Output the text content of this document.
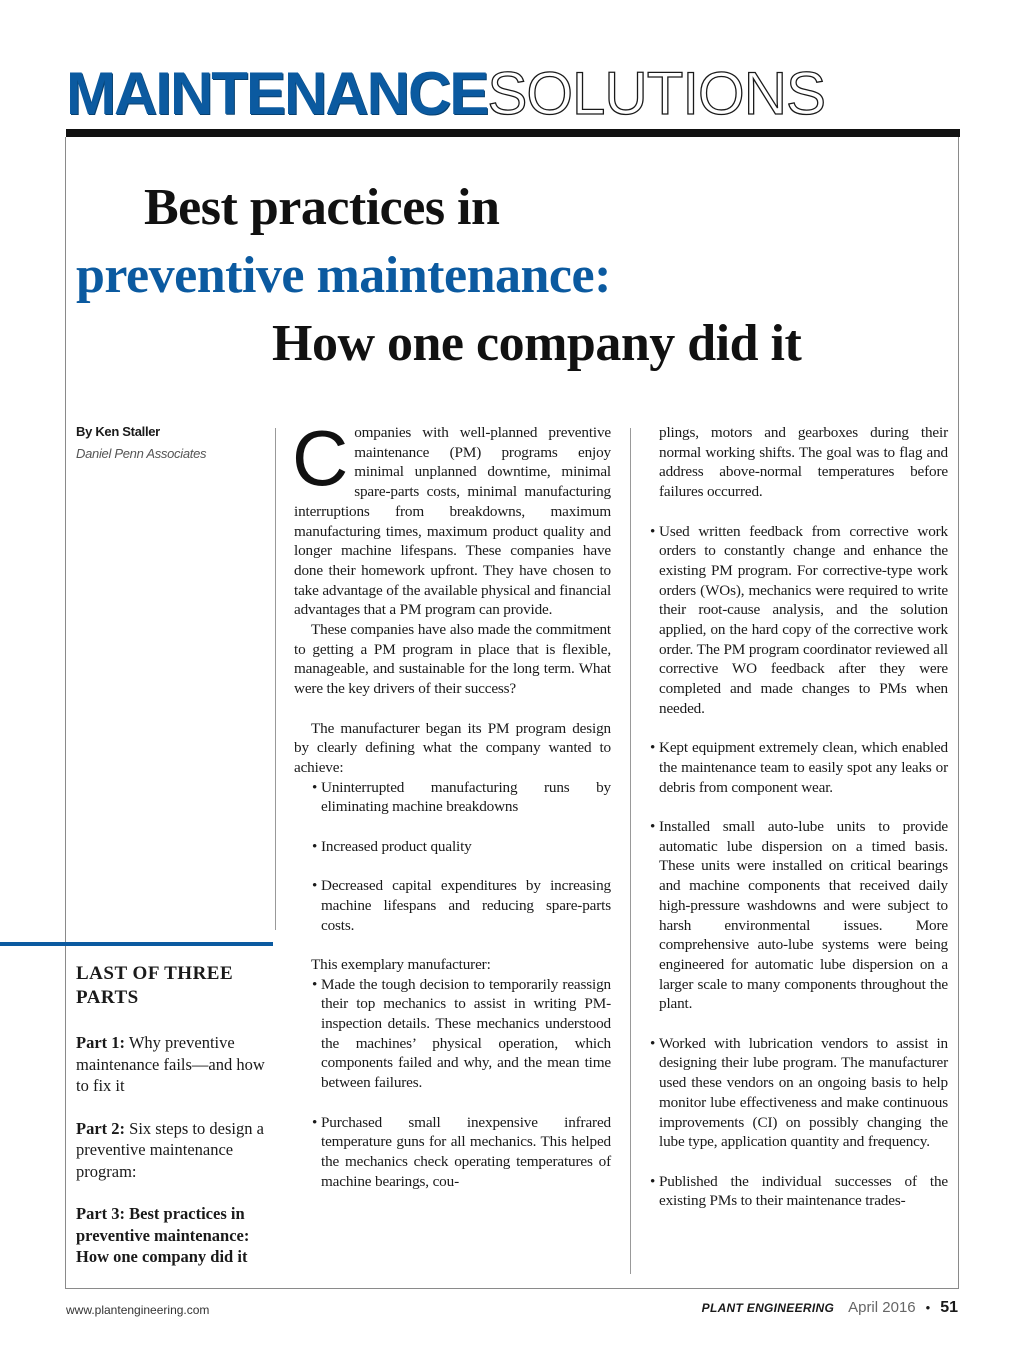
MAINTENANCESOLUTIONS
Best practices in
preventive maintenance:
How one company did it
By Ken Staller
Daniel Penn Associates
LAST OF THREE PARTS
Part 1: Why preventive maintenance fails—and how to fix it
Part 2: Six steps to design a preventive maintenance program:
Part 3: Best practices in preventive maintenance: How one company did it

Companies with well-planned preventive maintenance (PM) programs enjoy minimal unplanned downtime, minimal spare-parts costs, minimal manufacturing interruptions from breakdowns, maximum manufacturing times, maximum product quality and longer machine lifespans. These companies have done their homework upfront. They have chosen to take advantage of the available physical and financial advantages that a PM program can provide.

These companies have also made the commitment to getting a PM program in place that is flexible, manageable, and sustainable for the long term. What were the key drivers of their success?

The manufacturer began its PM program design by clearly defining what the company wanted to achieve:

• Uninterrupted manufacturing runs by eliminating machine breakdowns
• Increased product quality
• Decreased capital expenditures by increasing machine lifespans and reducing spare-parts costs.

This exemplary manufacturer:

• Made the tough decision to temporarily reassign their top mechanics to assist in writing PM-inspection details. These mechanics understood the machines’ physical operation, which components failed and why, and the mean time between failures.
• Purchased small inexpensive infrared temperature guns for all mechanics. This helped the mechanics check operating temperatures of machine bearings, cou-

plings, motors and gearboxes during their normal working shifts. The goal was to flag and address above-normal temperatures before failures occurred.

• Used written feedback from corrective work orders to constantly change and enhance the existing PM program. For corrective-type work orders (WOs), mechanics were required to write their root-cause analysis, and the solution applied, on the hard copy of the corrective work order. The PM program coordinator reviewed all corrective WO feedback after they were completed and made changes to PMs when needed.
• Kept equipment extremely clean, which enabled the maintenance team to easily spot any leaks or debris from component wear.
• Installed small auto-lube units to provide automatic lube dispersion on a timed basis. These units were installed on critical bearings and machine components that received daily high-pressure washdowns and were subject to harsh environmental issues. More comprehensive auto-lube systems were being engineered for automatic lube dispersion on a larger scale to many components throughout the plant.
• Worked with lubrication vendors to assist in designing their lube program. The manufacturer used these vendors on an ongoing basis to help monitor lube effectiveness and make continuous improvements (CI) on possibly changing the lube type, application quantity and frequency.
• Published the individual successes of the existing PMs to their maintenance trades-
www.plantengineering.com	PLANT ENGINEERING April 2016 • 51
